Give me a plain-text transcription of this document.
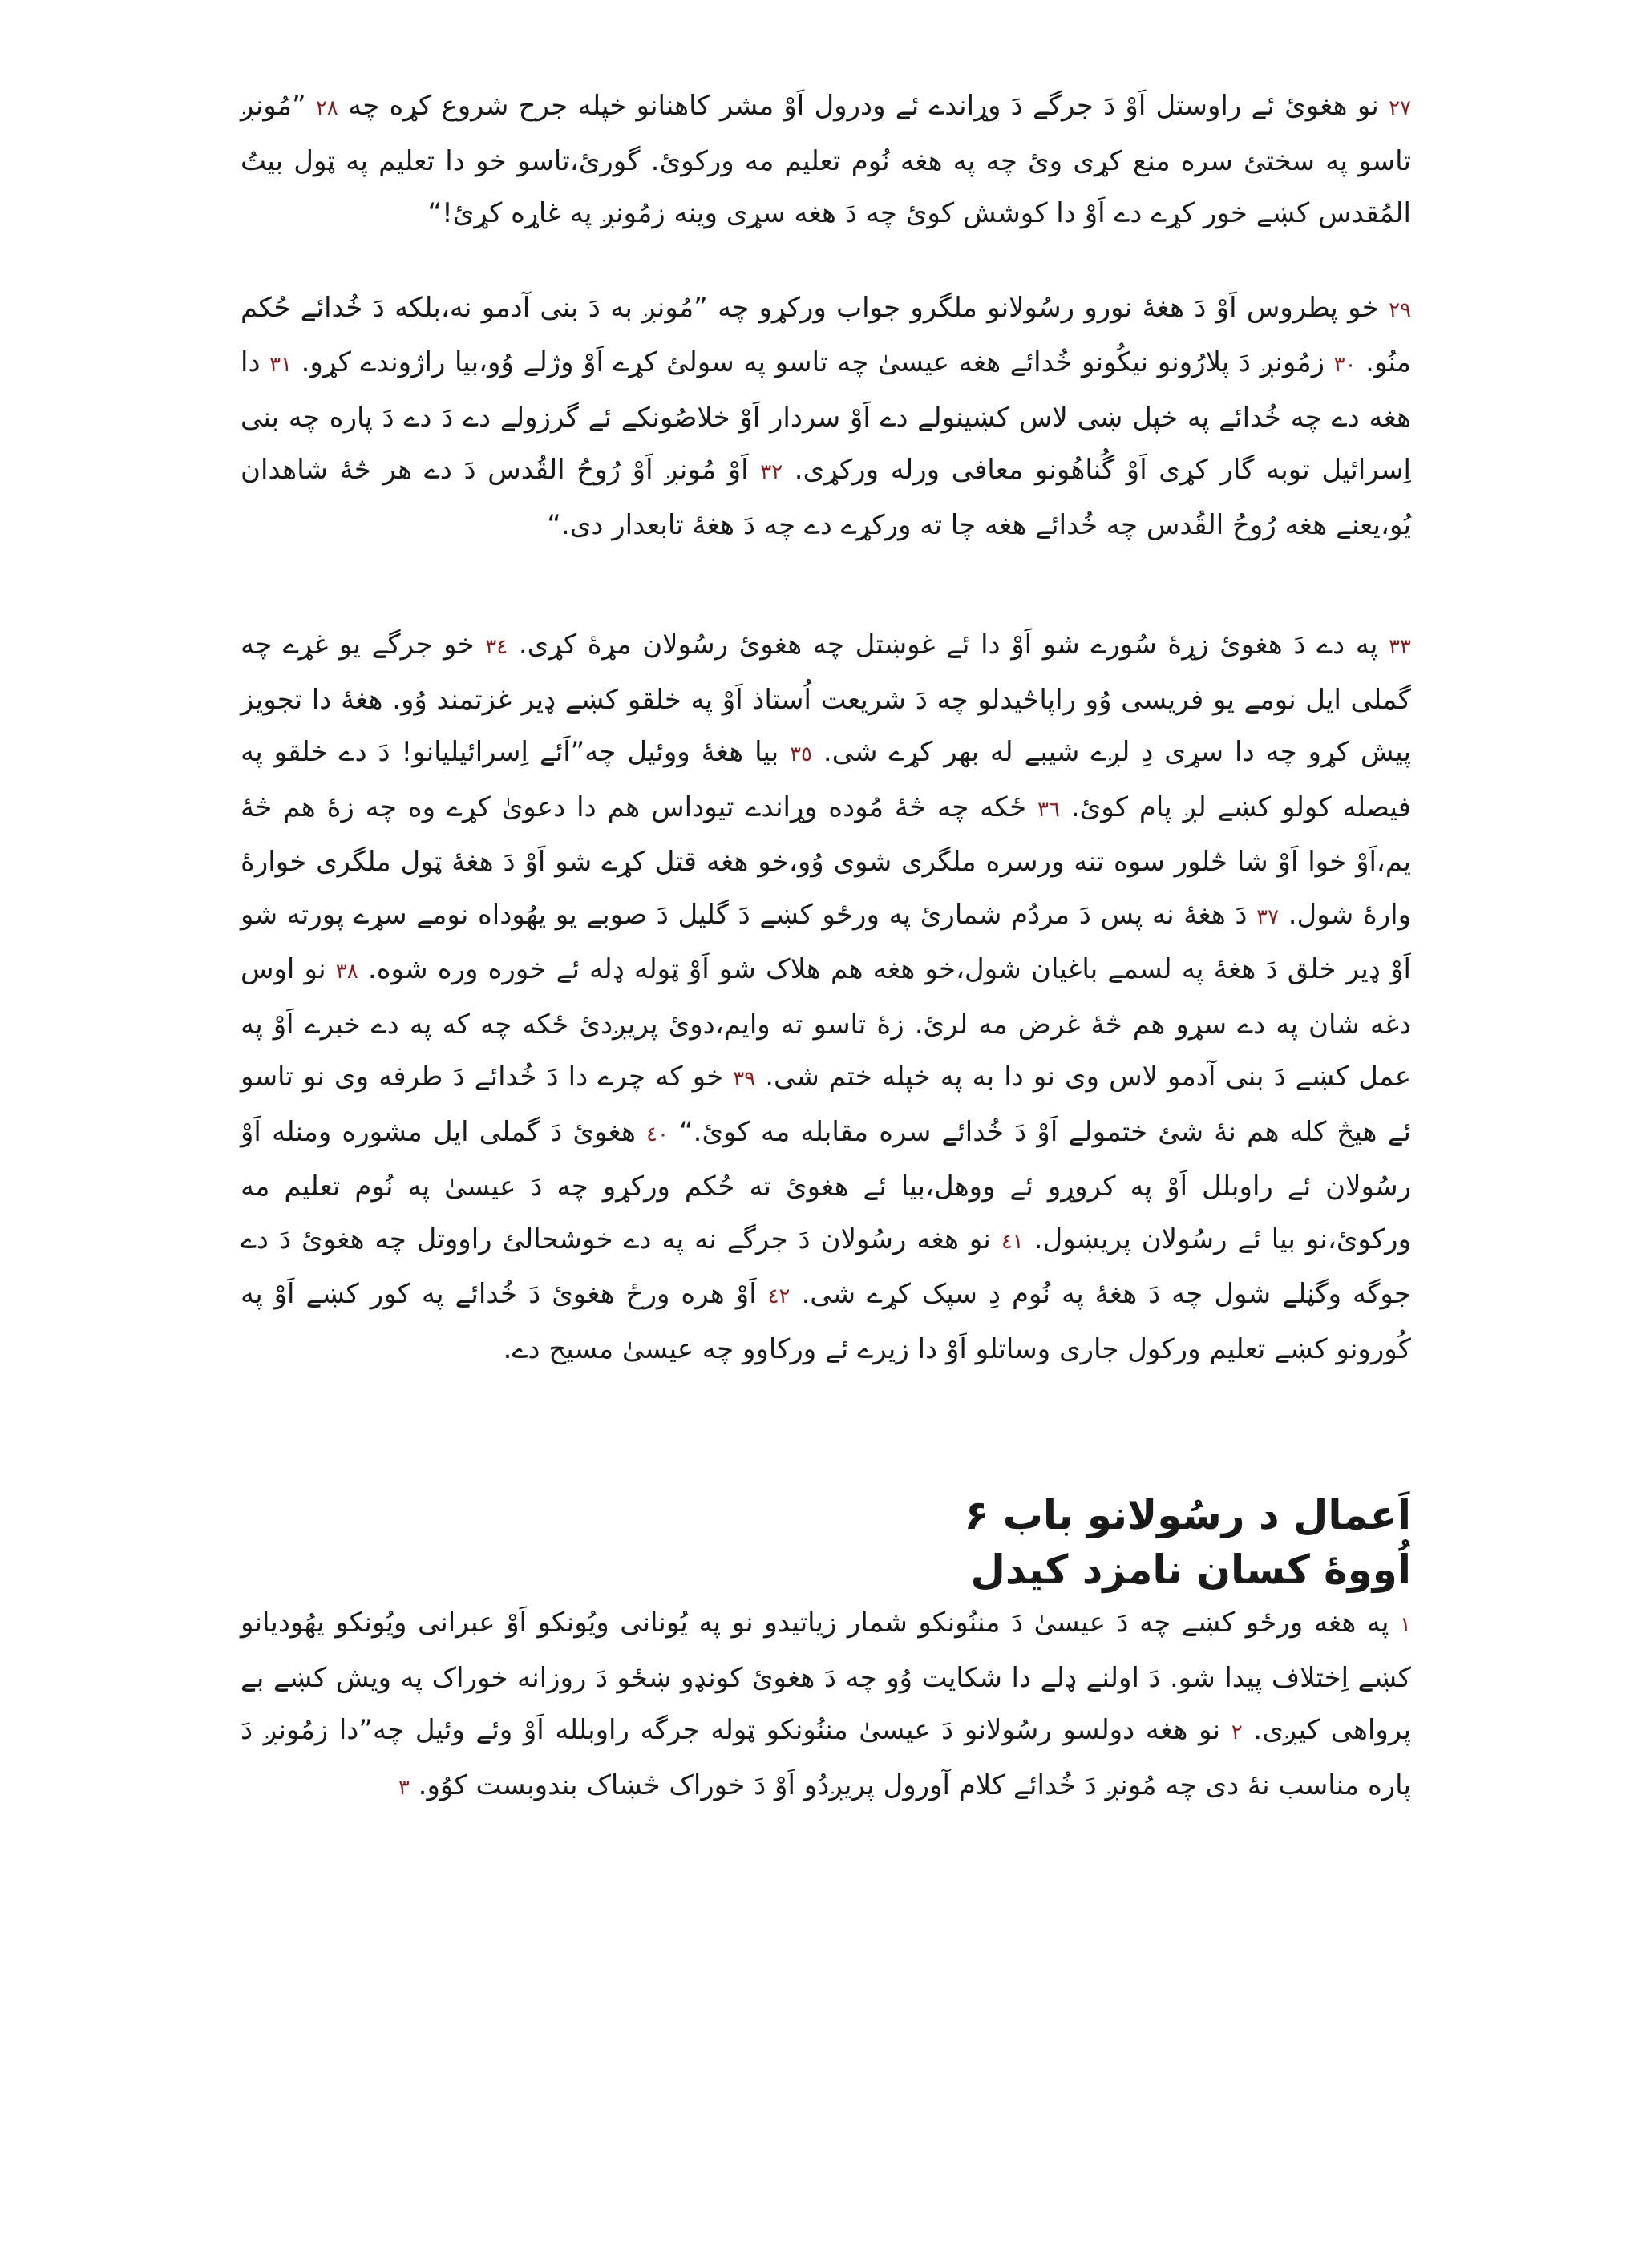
٢٧ نو هغوئ ئے راوستل اَوْ دَ جرگے دَ وړاندے ئے ودرول اَوْ مشر کاهنانو خپله جرح شروع کړه چه ٢٨ ”مُونږ تاسو په سختئ سره منع کړی وئ چه په هغه نُوم تعلیم مه ورکوئ. گورئ،تاسو خو دا تعلیم په ټول بيتُ المُقدس کښے خور کړے دے اَوْ دا کوشش کوئ چه دَ هغه سړی وينه زمُونږ په غاړه کړئ!“

٢٩ خو پطروس اَوْ دَ هغهٔ نورو رسُولانو ملگرو جواب ورکړو چه ”مُونږ به دَ بنی آدمو نه،بلکه دَ خُدائے حُکم منُو. ٣٠ زمُونږ دَ پلارُونو نيکُونو خُدائے هغه عيسىٰ چه تاسو په سولئ کړے اَوْ وژلے وُو،بيا راژوندے کړو. ٣١ دا هغه دے چه خُدائے په خپل ښی لاس کښينولے دے اَوْ سردار اَوْ خلاصُونکے ئے گرزولے دے دَ دے دَ پاره چه بنی اِسرائيل توبه گار کړی اَوْ گُناهُونو معافی ورله ورکړی. ٣٢ اَوْ مُونږ اَوْ رُوحُ القُدس دَ دے هر څهٔ شاهدان يُو،يعنے هغه رُوحُ القُدس چه خُدائے هغه چا ته ورکړے دے چه دَ هغهٔ تابعدار دی.“

٣٣ په دے دَ هغوئ زړهٔ سُورے شو اَوْ دا ئے غوښتل چه هغوئ رسُولان مړهٔ کړی. ٣٤ خو جرگے يو غړے چه گملی ايل نومے يو فريسی وُو راپاڅيدلو چه دَ شريعت اُستاذ اَوْ په خلقو کښے ډير غزتمند وُو. هغهٔ دا تجويز پيش کړو چه دا سړی دِ لږے شيبے له بهر کړے شی. ٣٥ بيا هغهٔ ووئيل چه”اَئے اِسرائيليانو! دَ دے خلقو په فيصله کولو کښے لږ پام کوئ. ٣٦ ځکه چه څهٔ مُوده وړاندے تيوداس هم دا دعویٰ کړے وه چه زهٔ هم څهٔ يم،اَوْ خوا اَوْ شا څلور سوه تنه ورسره ملگری شوی وُو،خو هغه قتل کړے شو اَوْ دَ هغهٔ ټول ملگری خوارهٔ وارهٔ شول. ٣٧ دَ هغهٔ نه پس دَ مردُم شمارئ په ورځو کښے دَ گليل دَ صوبے يو يهُوداه نومے سړے پورته شو اَوْ ډير خلق دَ هغهٔ په لسمے باغيان شول،خو هغه هم هلاک شو اَوْ ټوله ډله ئے خوره وره شوه. ٣٨ نو اوس دغه شان په دے سړو هم څهٔ غرض مه لرئ. زهٔ تاسو ته وايم،دوئ پريږدئ ځکه چه که په دے خبرے اَوْ په عمل کښے دَ بنی آدمو لاس وی نو دا به په خپله ختم شی. ٣٩ خو که چرے دا دَ خُدائے دَ طرفه وی نو تاسو ئے هيڅ کله هم نهٔ شئ ختمولے اَوْ دَ خُدائے سره مقابله مه کوئ.“ ٤٠ هغوئ دَ گملی ايل مشوره ومنله اَوْ رسُولان ئے راوبلل اَوْ په کروړو ئے ووهل،بيا ئے هغوئ ته حُکم ورکړو چه دَ عيسىٰ په نُوم تعليم مه ورکوئ،نو بيا ئے رسُولان پريښول. ٤١ نو هغه رسُولان دَ جرگے نه په دے خوشحالئ راووتل چه هغوئ دَ دے جوگه وگڼلے شول چه دَ هغهٔ په نُوم دِ سپک کړے شی. ٤٢ اَوْ هره ورځ هغوئ دَ خُدائے په کور کښے اَوْ په کُورونو کښے تعليم ورکول جاری وساتلو اَوْ دا زيرے ئے ورکاوو چه عيسىٰ مسيح دے.

اَعمال د رسُولانو باب ۶
اُووهٔ کسان نامزد کيدل

١ په هغه ورځو کښے چه دَ عيسىٰ دَ مننُونکو شمار زياتيدو نو په يُونانی ويُونکو اَوْ عبرانی ويُونکو يهُوديانو کښے اِختلاف پيدا شو. دَ اولنے ډلے دا شکايت وُو چه دَ هغوئ کونډو ښځو دَ روزانه خوراک په ويش کښے بے پرواهی کيږی. ٢ نو هغه دولسو رسُولانو دَ عيسىٰ مننُونکو ټوله جرگه راوبلله اَوْ وئے وئيل چه”دا زمُونږ دَ پاره مناسب نهٔ دی چه مُونږ دَ خُدائے کلام آورول پريږدُو اَوْ دَ خوراک څښاک بندوبست کوُو. ٣
